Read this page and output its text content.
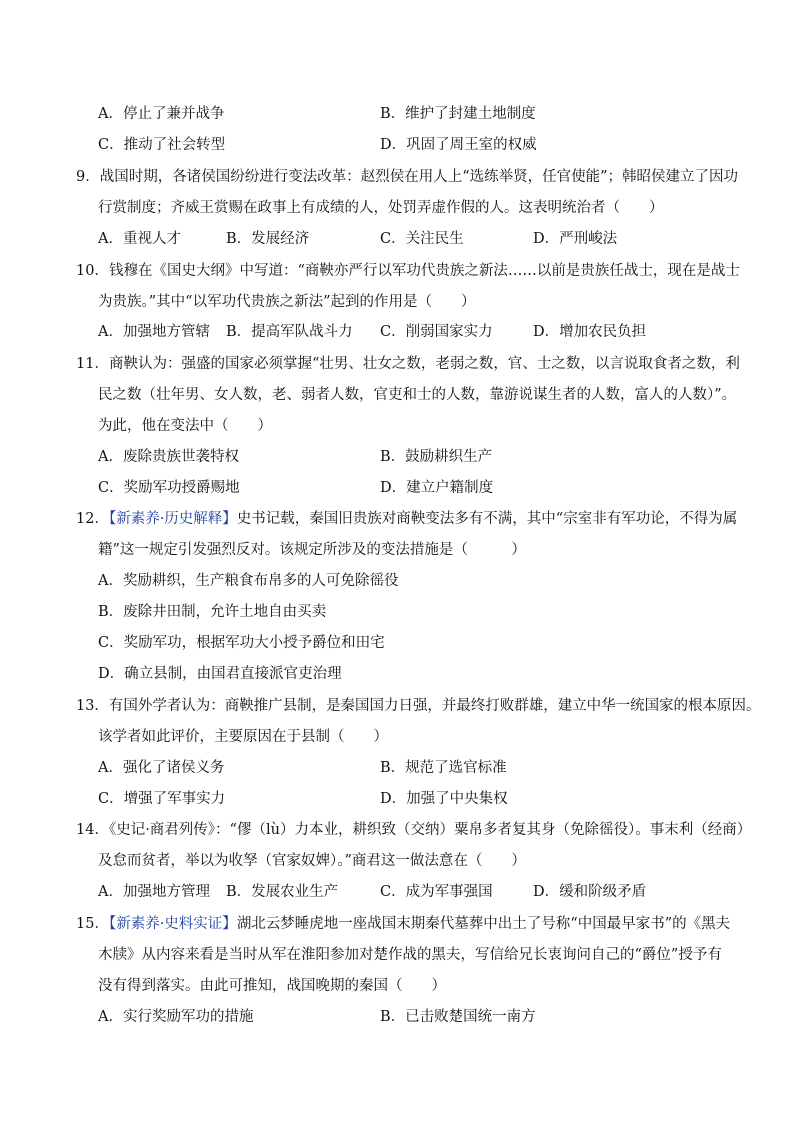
A．停止了兼并战争	B．维护了封建土地制度
C．推动了社会转型	D．巩固了周王室的权威
9．战国时期，各诸侯国纷纷进行变法改革：赵烈侯在用人上“选练举贤，任官使能”；韩昭侯建立了因功
行赏制度；齐威王赏赐在政事上有成绩的人，处罚弄虚作假的人。这表明统治者（　　）
A．重视人才	B．发展经济	C．关注民生	D．严刑峻法
10．钱穆在《国史大纲》中写道：“商鞅亦严行以军功代贵族之新法……以前是贵族任战士，现在是战士
为贵族。”其中“以军功代贵族之新法”起到的作用是（　　）
A．加强地方管辖 B．提高军队战斗力 C．削弱国家实力	D．增加农民负担
11．商鞅认为：强盛的国家必须掌握“壮男、壮女之数，老弱之数，官、士之数，以言说取食者之数，利
民之数（壮年男、女人数，老、弱者人数，官吏和士的人数，靠游说谋生者的人数，富人的人数）”。
为此，他在变法中（　　）
A．废除贵族世袭特权	B．鼓励耕织生产
C．奖励军功授爵赐地	D．建立户籍制度
12．【新素养·历史解释】史书记载，秦国旧贵族对商鞅变法多有不满，其中“宗室非有军功论，不得为属
籍”这一规定引发强烈反对。该规定所涉及的变法措施是（　　　）
A．奖励耕织，生产粮食布帛多的人可免除徭役
B．废除井田制，允许土地自由买卖
C．奖励军功，根据军功大小授予爵位和田宅
D．确立县制，由国君直接派官吏治理
13．有国外学者认为：商鞅推广县制，是秦国国力日强，并最终打败群雄，建立中华一统国家的根本原因。
该学者如此评价，主要原因在于县制（　　）
A．强化了诸侯义务	B．规范了选官标准
C．增强了军事实力	D．加强了中央集权
14．《史记·商君列传》：“僇（lù）力本业，耕织致（交纳）粟帛多者复其身（免除徭役）。事末利（经商）
及怠而贫者，举以为收孥（官家奴婢）。”商君这一做法意在（　　）
A．加强地方管理 B．发展农业生产	C．成为军事强国	D．缓和阶级矛盾
15．【新素养·史料实证】湖北云梦睡虎地一座战国末期秦代墓葬中出土了号称“中国最早家书”的《黑夫
木牍》从内容来看是当时从军在淮阳参加对楚作战的黑夫，写信给兄长衷询问自己的“爵位”授予有
没有得到落实。由此可推知，战国晚期的秦国（　　）
A．实行奖励军功的措施	B．已击败楚国统一南方
